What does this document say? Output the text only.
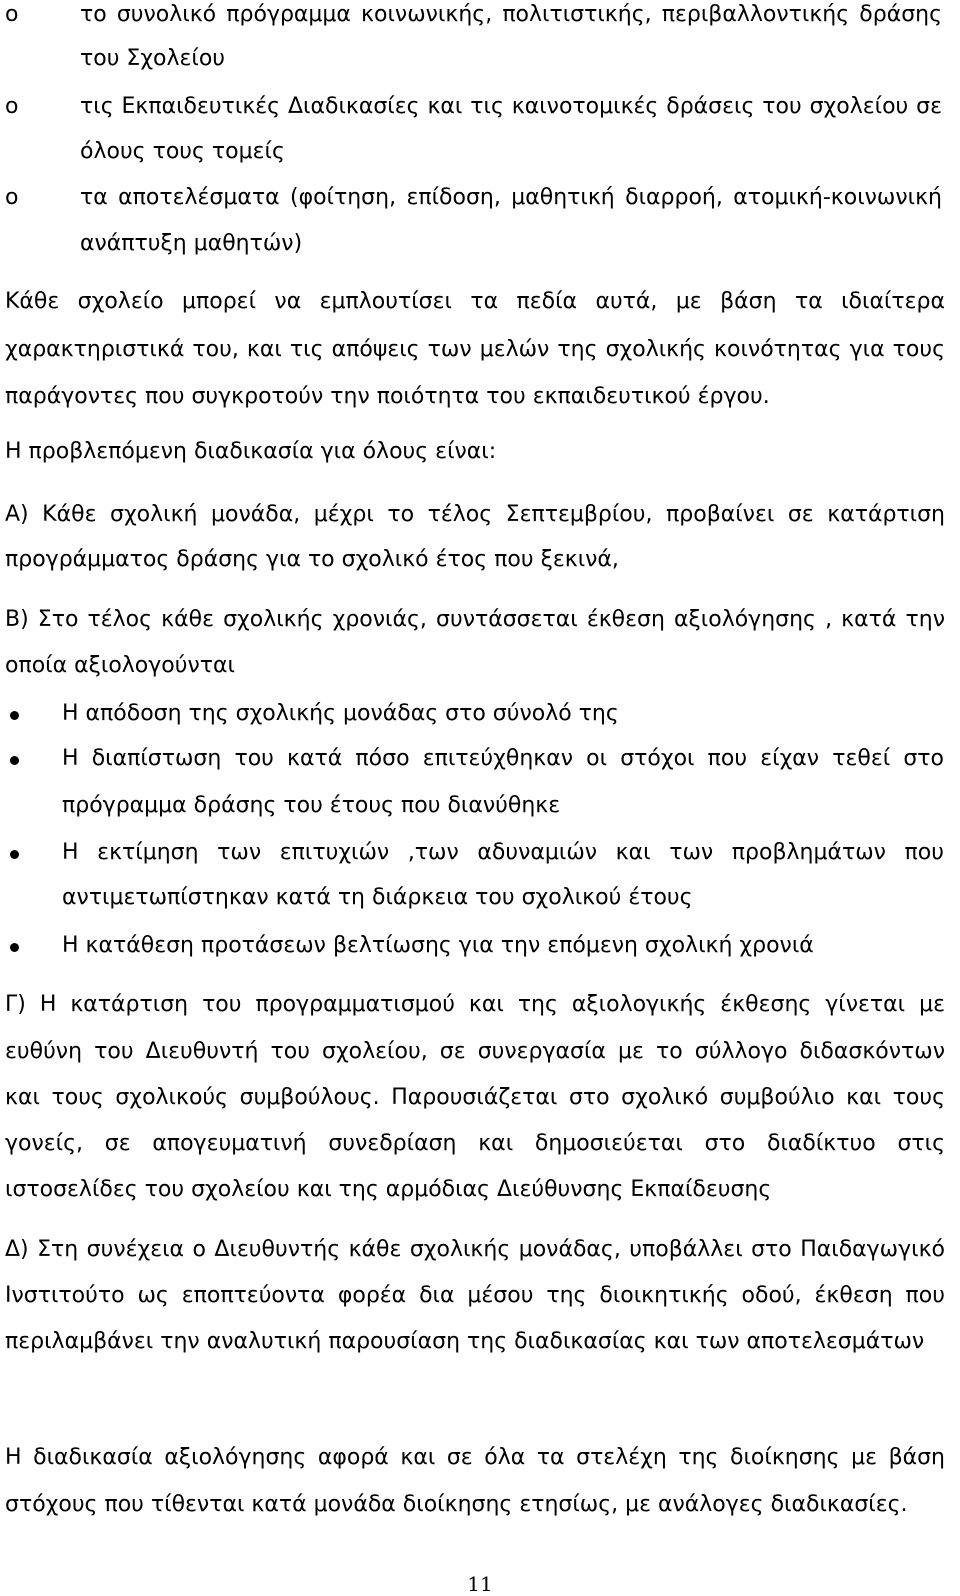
o	το συνολικό πρόγραμμα κοινωνικής, πολιτιστικής, περιβαλλοντικής δράσης

του Σχολείου

o	τις Εκπαιδευτικές Διαδικασίες και τις καινοτομικές δράσεις του σχολείου σε

όλους τους τομείς

o	τα αποτελέσματα (φοίτηση, επίδοση, μαθητική διαρροή, ατομική-κοινωνική

ανάπτυξη μαθητών)

Κάθε σχολείο μπορεί να εμπλουτίσει τα πεδία αυτά, με βάση τα ιδιαίτερα

χαρακτηριστικά του, και τις απόψεις των μελών της σχολικής κοινότητας για τους

παράγοντες που συγκροτούν την ποιότητα του εκπαιδευτικού έργου.

Η προβλεπόμενη διαδικασία για όλους είναι:

Α) Κάθε σχολική μονάδα, μέχρι το τέλος Σεπτεμβρίου, προβαίνει σε κατάρτιση

προγράμματος δράσης για το σχολικό έτος που ξεκινά,

Β) Στο τέλος κάθε σχολικής χρονιάς, συντάσσεται έκθεση αξιολόγησης , κατά την

οποία αξιολογούνται

Η απόδοση της σχολικής μονάδας στο σύνολό της

Η διαπίστωση του κατά πόσο επιτεύχθηκαν οι στόχοι που είχαν τεθεί στο

πρόγραμμα δράσης του έτους που διανύθηκε

Η εκτίμηση των επιτυχιών ,των αδυναμιών και των προβλημάτων που

αντιμετωπίστηκαν κατά τη διάρκεια του σχολικού έτους

Η κατάθεση προτάσεων βελτίωσης για την επόμενη σχολική χρονιά

Γ) Η κατάρτιση του προγραμματισμού και της αξιολογικής έκθεσης γίνεται με

ευθύνη του Διευθυντή του σχολείου, σε συνεργασία με το σύλλογο διδασκόντων

και τους σχολικούς συμβούλους. Παρουσιάζεται στο σχολικό συμβούλιο και τους

γονείς, σε απογευματινή συνεδρίαση και δημοσιεύεται στο διαδίκτυο στις

ιστοσελίδες του σχολείου και της αρμόδιας Διεύθυνσης Εκπαίδευσης

Δ) Στη συνέχεια ο Διευθυντής κάθε σχολικής μονάδας, υποβάλλει στο Παιδαγωγικό

Ινστιτούτο ως εποπτεύοντα φορέα δια μέσου της διοικητικής οδού, έκθεση που

περιλαμβάνει την αναλυτική παρουσίαση της διαδικασίας και των αποτελεσμάτων

Η διαδικασία αξιολόγησης αφορά και σε όλα τα στελέχη της διοίκησης με βάση

στόχους που τίθενται κατά μονάδα διοίκησης ετησίως, με ανάλογες διαδικασίες.

11
